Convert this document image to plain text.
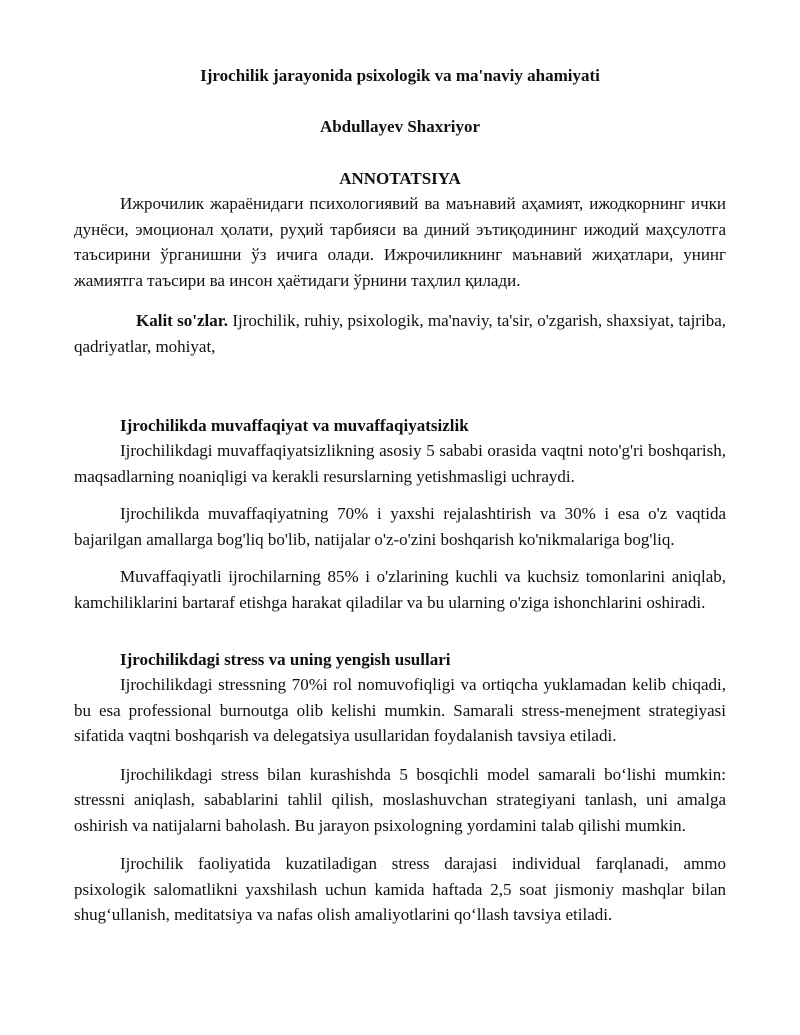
Ijrochilik jarayonida psixologik va ma'naviy ahamiyati
Abdullayev Shaxriyor
ANNOTATSIYA

Ижрочилик жараёнидаги психологиявий ва маънавий аҳамият, ижодкорнинг ички дунёси, эмоционал ҳолати, руҳий тарбияси ва диний эътиқодининг ижодий маҳсулотга таъсирини ўрганишни ўз ичига олади. Ижрочиликнинг маънавий жиҳатлари, унинг жамиятга таъсири ва инсон ҳаётидаги ўрнини таҳлил қилади.

Kalit so'zlar. Ijrochilik, ruhiy, psixologik, ma'naviy, ta'sir, o'zgarish, shaxsiyat, tajriba, qadriyatlar, mohiyat,

Ijrochilikda muvaffaqiyat va muvaffaqiyatsizlik

Ijrochilikdagi muvaffaqiyatsizlikning asosiy 5 sababi orasida vaqtni noto'g'ri boshqarish, maqsadlarning noaniqligi va kerakli resurslarning yetishmasligi uchraydi.

Ijrochilikda muvaffaqiyatning 70% i yaxshi rejalashtirish va 30% i esa o'z vaqtida bajarilgan amallarga bog'liq bo'lib, natijalar o'z-o'zini boshqarish ko'nikmalariga bog'liq.

Muvaffaqiyatli ijrochilarning 85% i o'zlarining kuchli va kuchsiz tomonlarini aniqlab, kamchiliklarini bartaraf etishga harakat qiladilar va bu ularning o'ziga ishonchlarini oshiradi.

Ijrochilikdagi stress va uning yengish usullari

Ijrochilikdagi stressning 70%i rol nomuvofiqligi va ortiqcha yuklamadan kelib chiqadi, bu esa professional burnoutga olib kelishi mumkin. Samarali stress-menejment strategiyasi sifatida vaqtni boshqarish va delegatsiya usullaridan foydalanish tavsiya etiladi.

Ijrochilikdagi stress bilan kurashishda 5 bosqichli model samarali bo‘lishi mumkin: stressni aniqlash, sabablarini tahlil qilish, moslashuvchan strategiyani tanlash, uni amalga oshirish va natijalarni baholash. Bu jarayon psixologning yordamini talab qilishi mumkin.

Ijrochilik faoliyatida kuzatiladigan stress darajasi individual farqlanadi, ammo psixologik salomatlikni yaxshilash uchun kamida haftada 2,5 soat jismoniy mashqlar bilan shug‘ullanish, meditatsiya va nafas olish amaliyotlarini qo‘llash tavsiya etiladi.
